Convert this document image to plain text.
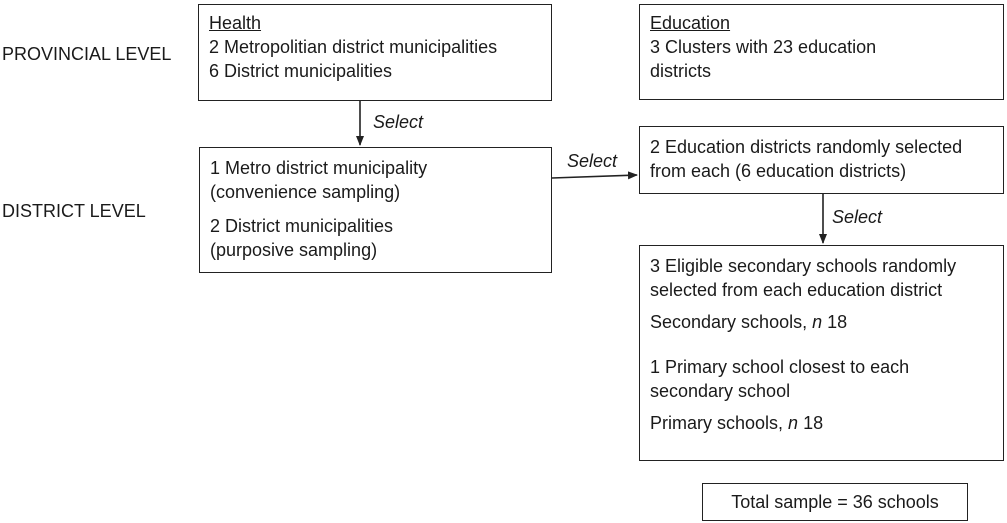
PROVINCIAL LEVEL
DISTRICT LEVEL
Health
2 Metropolitian district municipalities
6 District municipalities
Education
3 Clusters with 23 education
districts
1 Metro district municipality
(convenience sampling)
2 District municipalities
(purposive sampling)
2 Education districts randomly selected
from each (6 education districts)
3 Eligible secondary schools randomly
selected from each education district
Secondary schools, n 18
1 Primary school closest to each
secondary school
Primary schools, n 18
Total sample = 36 schools
Select
Select
Select
